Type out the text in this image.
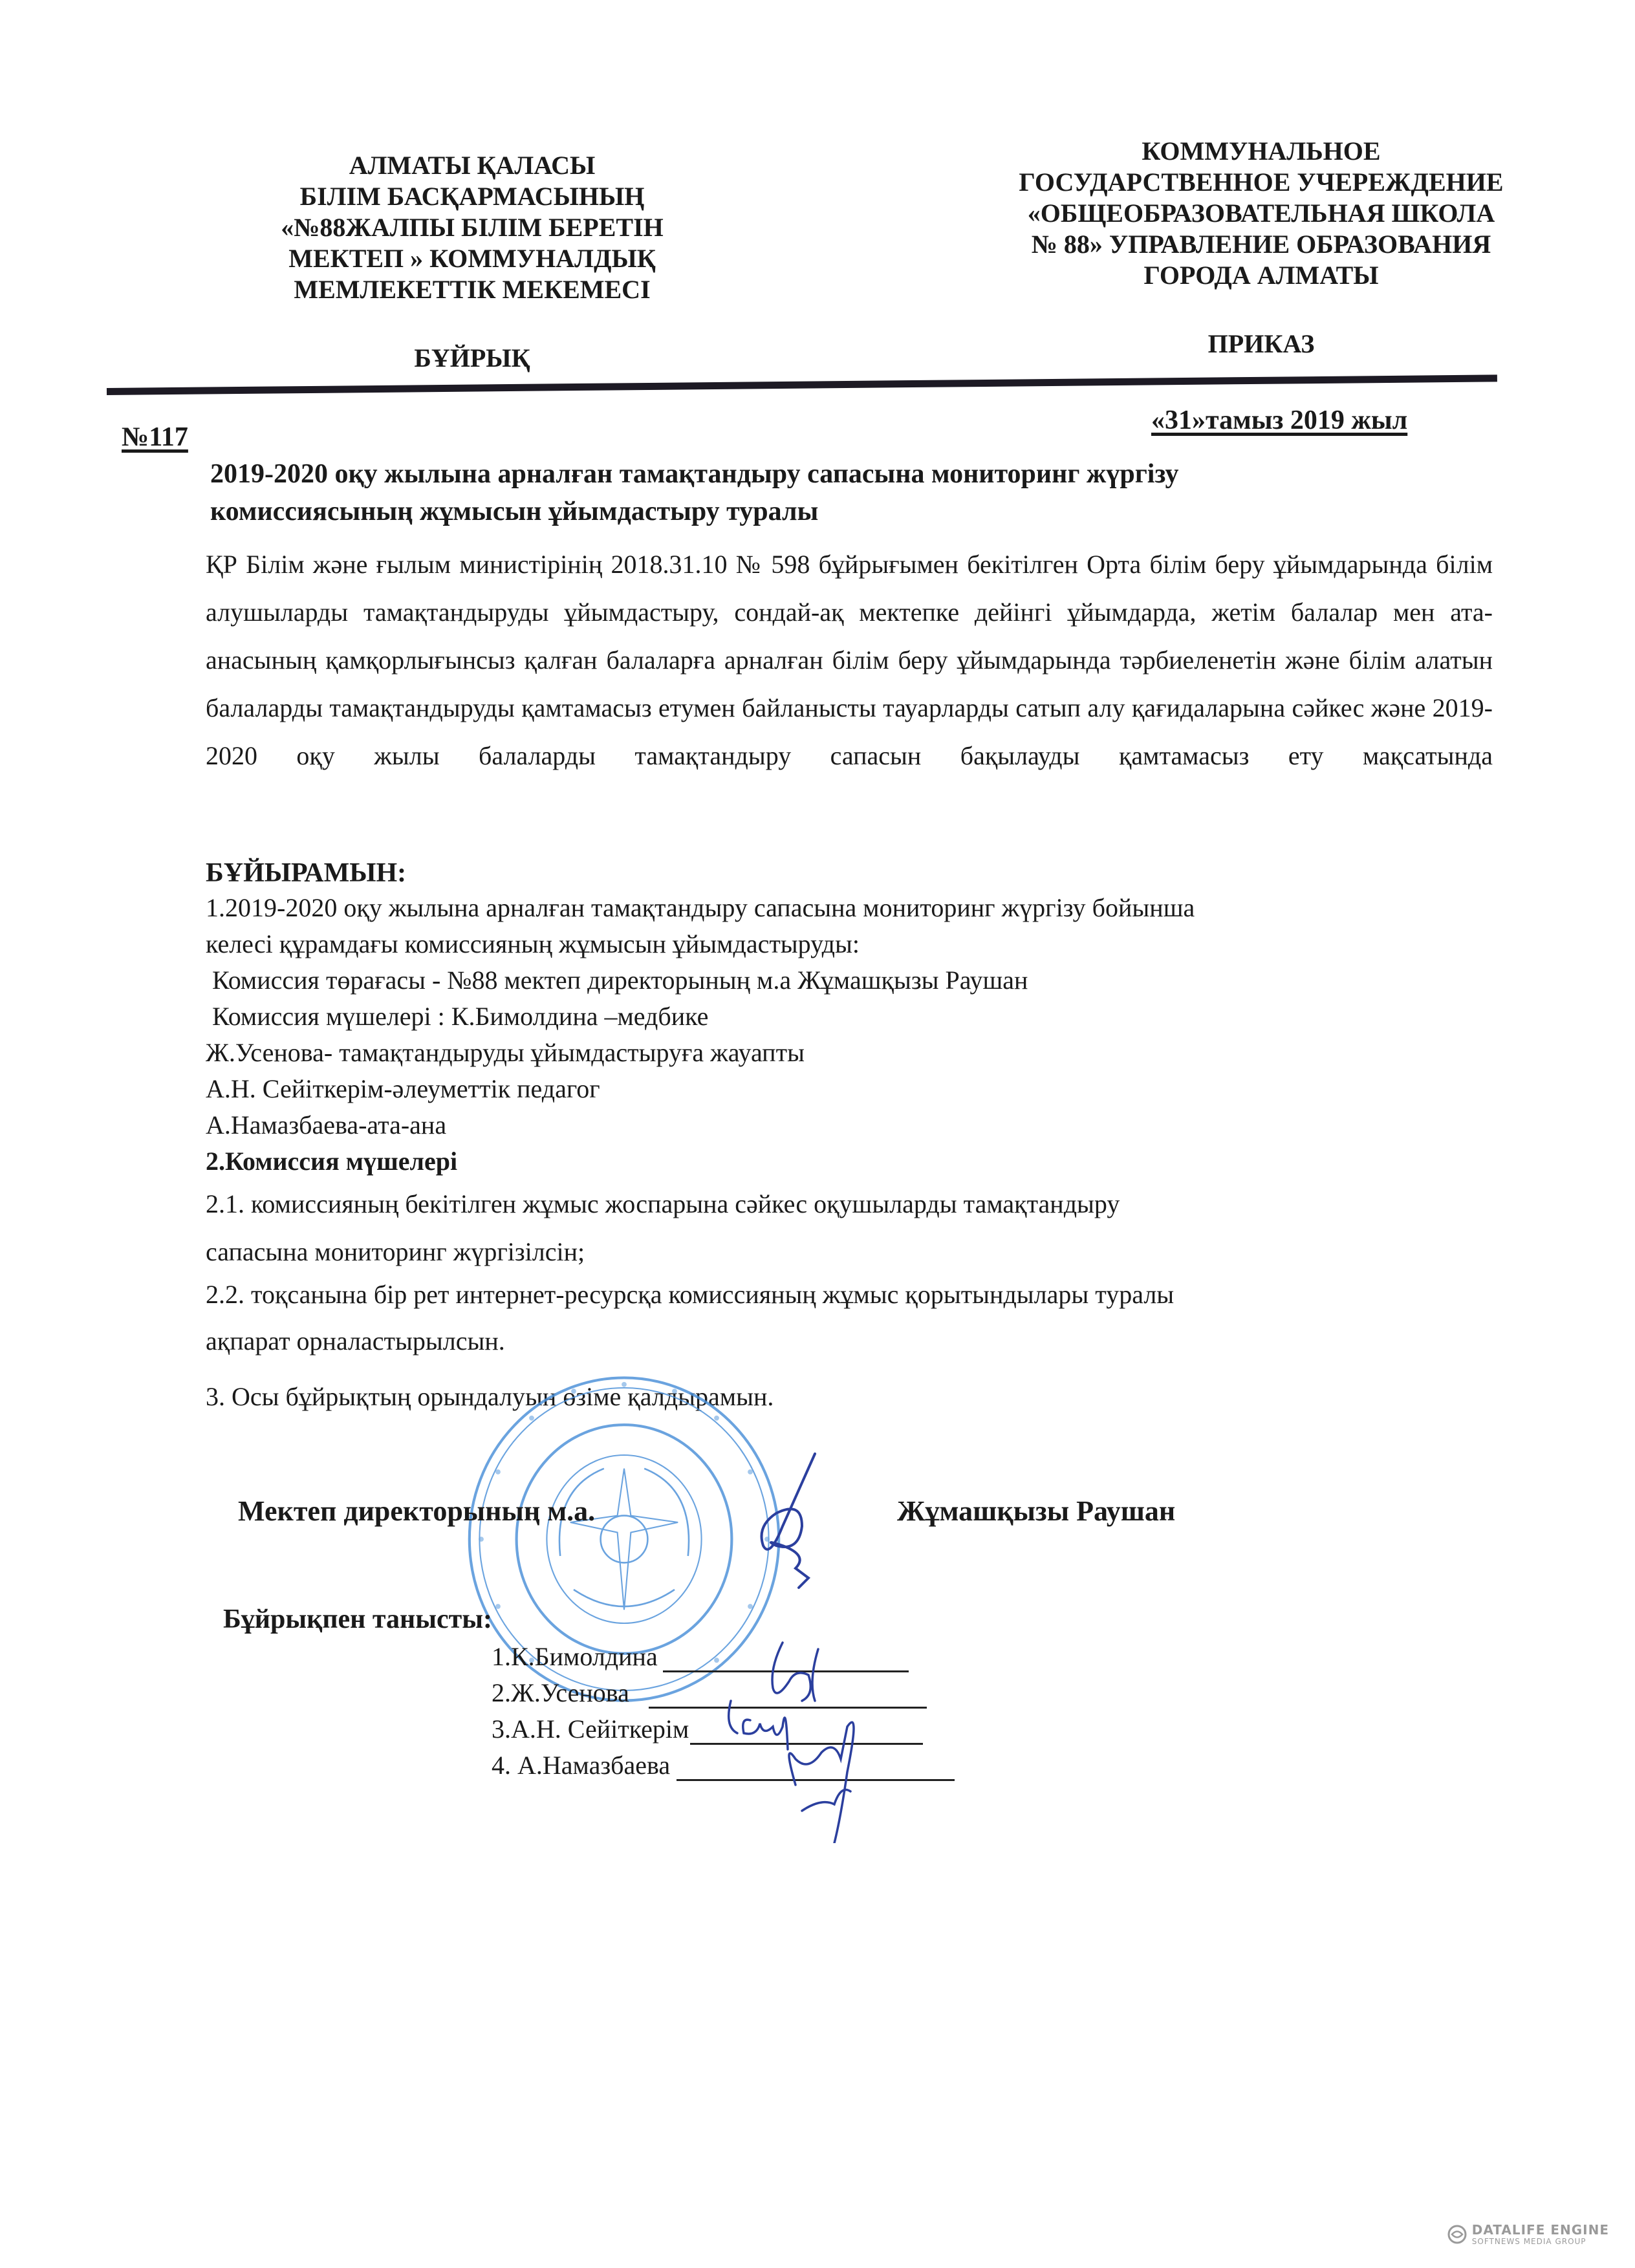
АЛМАТЫ ҚАЛАСЫ
БІЛІМ БАСҚАРМАСЫНЫҢ
«№88ЖАЛПЫ БІЛІМ БЕРЕТІН
МЕКТЕП » КОММУНАЛДЫҚ
МЕМЛЕКЕТТІК МЕКЕМЕСІ
БҰЙРЫҚ
КОММУНАЛЬНОЕ
ГОСУДАРСТВЕННОЕ УЧЕРЕЖДЕНИЕ
«ОБЩЕОБРАЗОВАТЕЛЬНАЯ ШКОЛА
№ 88» УПРАВЛЕНИЕ ОБРАЗОВАНИЯ
ГОРОДА АЛМАТЫ
ПРИКАЗ
№117
«31»тамыз 2019 жыл
2019-2020 оқу жылына арналған тамақтандыру сапасына мониторинг жүргізу
комиссиясының жұмысын ұйымдастыру туралы
ҚР Білім және ғылым министірінің 2018.31.10 № 598 бұйрығымен бекітілген Орта білім беру ұйымдарында білім алушыларды тамақтандыруды ұйымдастыру, сондай-ақ мектепке дейінгі ұйымдарда, жетім балалар мен ата-анасының қамқорлығынсыз қалған балаларға арналған білім беру ұйымдарында тәрбиеленетін және білім алатын балаларды тамақтандыруды қамтамасыз етумен байланысты тауарларды сатып алу қағидаларына сәйкес және 2019-2020 оқу жылы балаларды тамақтандыру сапасын бақылауды қамтамасыз ету мақсатында
БҰЙЫРАМЫН:
1.2019-2020 оқу жылына арналған тамақтандыру сапасына мониторинг жүргізу бойынша
келесі құрамдағы комиссияның жұмысын ұйымдастыруды:
Комиссия төрағасы - №88 мектеп директорының м.а Жұмашқызы Раушан
Комиссия мүшелері : К.Бимолдина –медбике
Ж.Усенова- тамақтандыруды ұйымдастыруға жауапты
А.Н. Сейіткерім-әлеуметтік педагог
А.Намазбаева-ата-ана
2.Комиссия мүшелері
2.1. комиссияның бекітілген жұмыс жоспарына сәйкес оқушыларды тамақтандыру
сапасына мониторинг жүргізілсін;
2.2. тоқсанына бір рет интернет-ресурсқа комиссияның жұмыс қорытындылары туралы
ақпарат орналастырылсын.
3. Осы бұйрықтың орындалуын өзіме қалдырамын.
Мектеп директорының м.а.	Жұмашқызы Раушан
Бұйрықпен танысты:
1.К.Бимолдина
2.Ж.Усенова
3.А.Н. Сейіткерім
4. А.Намазбаева
DATALIFE ENGINE
SOFTNEWS MEDIA GROUP
